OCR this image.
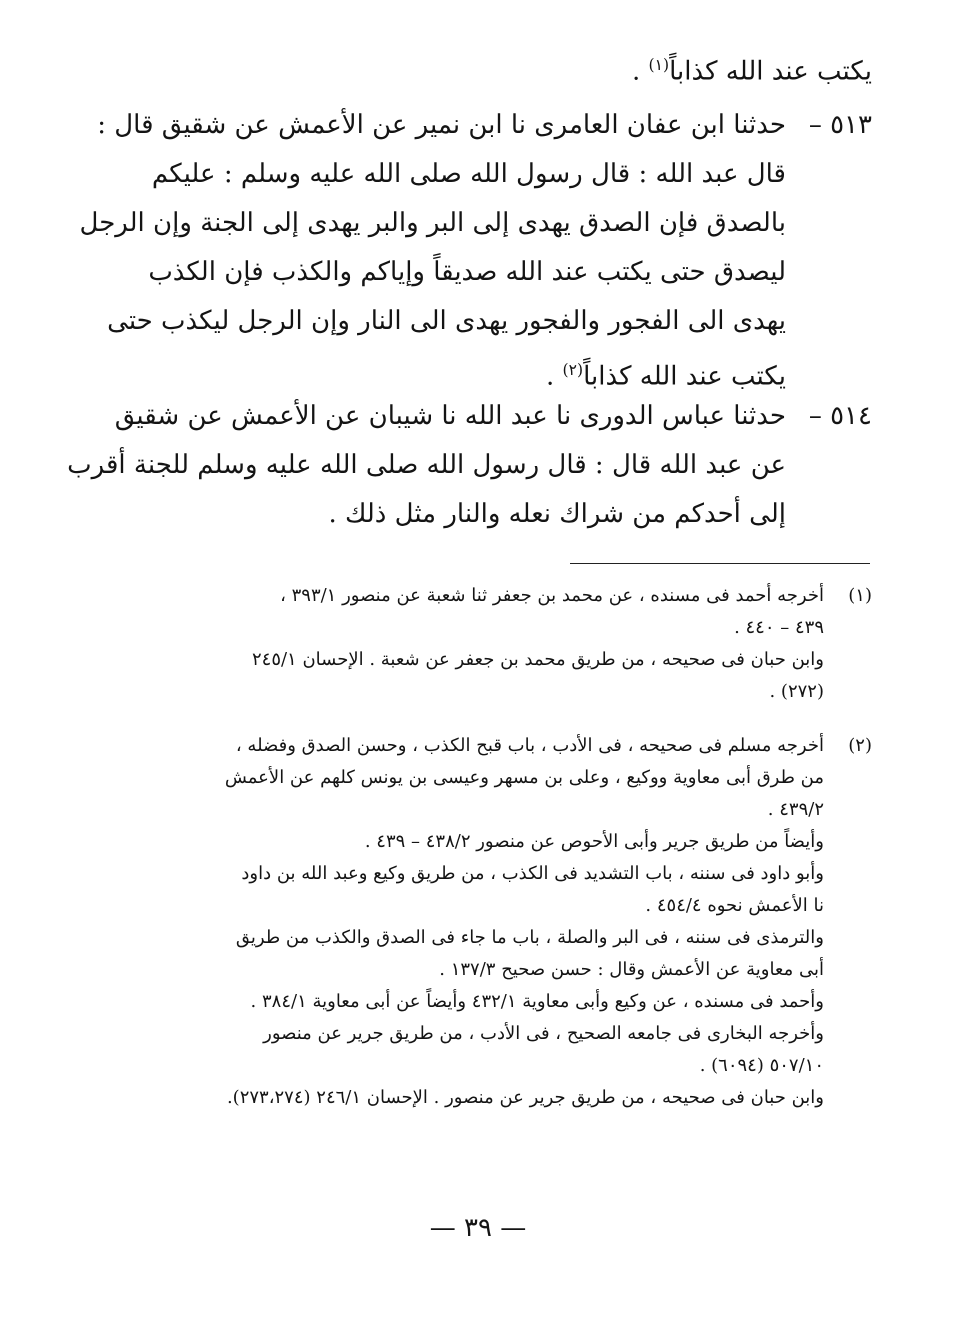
يكتب عند الله كذاباً$^{(١)}$ .
٥١٣ –
حدثنا ابن عفان العامرى نا ابن نمير عن الأعمش عن شقيق قال :
قال عبد الله : قال رسول الله صلى الله عليه وسلم : عليكم
بالصدق فإن الصدق يهدى إلى البر والبر يهدى إلى الجنة وإن الرجل
ليصدق حتى يكتب عند الله صديقاً وإياكم والكذب فإن الكذب
يهدى الى الفجور والفجور يهدى الى النار وإن الرجل ليكذب حتى
يكتب عند الله كذاباً$^{(٢)}$ .
٥١٤ –
حدثنا عباس الدورى نا عبد الله نا شيبان عن الأعمش عن شقيق
عن عبد الله قال : قال رسول الله صلى الله عليه وسلم للجنة أقرب
إلى أحدكم من شراك نعله والنار مثل ذلك .
(١)
أخرجه أحمد فى مسنده ، عن محمد بن جعفر ثنا شعبة عن منصور ٣٩٣/١ ،
٤٣٩ – ٤٤٠ .
وابن حبان فى صحيحه ، من طريق محمد بن جعفر عن شعبة . الإحسان ٢٤٥/١
(٢٧٢) .
(٢)
أخرجه مسلم فى صحيحه ، فى الأدب ، باب قبح الكذب ، وحسن الصدق وفضله ،
من طرق أبى معاوية ووكيع ، وعلى بن مسهر وعيسى بن يونس كلهم عن الأعمش
٤٣٩/٢ .
وأيضاً من طريق جرير وأبى الأحوص عن منصور ٤٣٨/٢ – ٤٣٩ .
وأبو داود فى سننه ، باب التشديد فى الكذب ، من طريق وكيع وعبد الله بن داود
نا الأعمش نحوه ٤٥٤/٤ .
والترمذى فى سننه ، فى البر والصلة ، باب ما جاء فى الصدق والكذب من طريق
أبى معاوية عن الأعمش وقال : حسن صحيح ١٣٧/٣ .
وأحمد فى مسنده ، عن وكيع وأبى معاوية ٤٣٢/١ وأيضاً عن أبى معاوية ٣٨٤/١ .
وأخرجه البخارى فى جامعه الصحيح ، فى الأدب ، من طريق جرير عن منصور
٥٠٧/١٠ (٦٠٩٤) .
وابن حبان فى صحيحه ، من طريق جرير عن منصور . الإحسان ٢٤٦/١ (٢٧٣،٢٧٤).
— ٣٩ —
